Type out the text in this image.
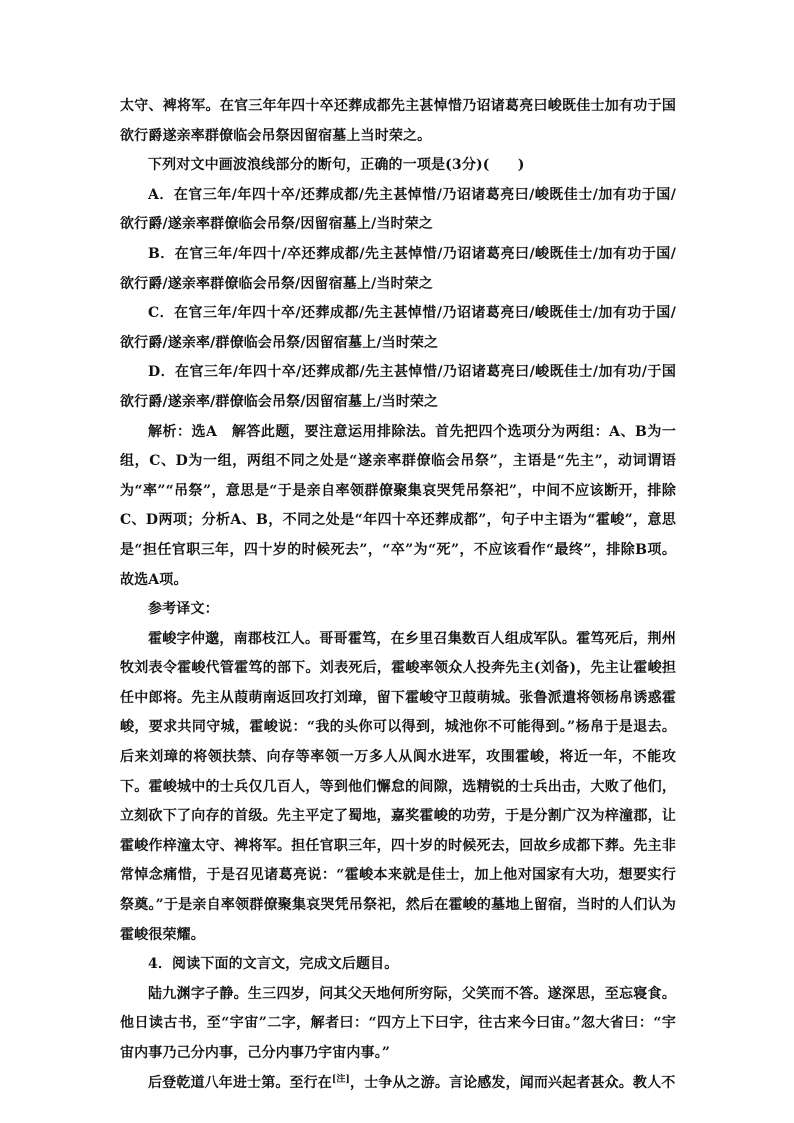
太守、裨将军。在官三年年四十卒还葬成都先主甚悼惜乃诏诸葛亮曰峻既佳士加有功于国欲行爵遂亲率群僚临会吊祭因留宿墓上当时荣之。

下列对文中画波浪线部分的断句，正确的一项是(3分)(　　)

A．在官三年/年四十卒/还葬成都/先主甚悼惜/乃诏诸葛亮曰/峻既佳士/加有功于国/欲行爵/遂亲率群僚临会吊祭/因留宿墓上/当时荣之

B．在官三年/年四十/卒还葬成都/先主甚悼惜/乃诏诸葛亮曰/峻既佳士/加有功于国/欲行爵/遂亲率群僚临会吊祭/因留宿墓上/当时荣之

C．在官三年/年四十卒/还葬成都/先主甚悼惜/乃诏诸葛亮曰/峻既佳士/加有功于国/欲行爵/遂亲率/群僚临会吊祭/因留宿墓上/当时荣之

D．在官三年/年四十卒/还葬成都/先主甚悼惜/乃诏诸葛亮曰/峻既佳士/加有功/于国欲行爵/遂亲率/群僚临会吊祭/因留宿墓上/当时荣之

解析：选A　解答此题，要注意运用排除法。首先把四个选项分为两组：A、B为一组，C、D为一组，两组不同之处是“遂亲率群僚临会吊祭”，主语是“先主”，动词谓语为“率”“吊祭”，意思是“于是亲自率领群僚聚集哀哭凭吊祭祀”，中间不应该断开，排除C、D两项；分析A、B，不同之处是“年四十卒还葬成都”，句子中主语为“霍峻”，意思是“担任官职三年，四十岁的时候死去”，“卒”为“死”，不应该看作“最终”，排除B项。故选A项。

参考译文：

霍峻字仲邈，南郡枝江人。哥哥霍笃，在乡里召集数百人组成军队。霍笃死后，荆州牧刘表令霍峻代管霍笃的部下。刘表死后，霍峻率领众人投奔先主(刘备)，先主让霍峻担任中郎将。先主从葭萌南返回攻打刘璋，留下霍峻守卫葭萌城。张鲁派遣将领杨帛诱惑霍峻，要求共同守城，霍峻说：“我的头你可以得到，城池你不可能得到。”杨帛于是退去。后来刘璋的将领扶禁、向存等率领一万多人从阆水进军，攻围霍峻，将近一年，不能攻下。霍峻城中的士兵仅几百人，等到他们懈怠的间隙，选精锐的士兵出击，大败了他们，立刻砍下了向存的首级。先主平定了蜀地，嘉奖霍峻的功劳，于是分割广汉为梓潼郡，让霍峻作梓潼太守、裨将军。担任官职三年，四十岁的时候死去，回故乡成都下葬。先主非常悼念痛惜，于是召见诸葛亮说：“霍峻本来就是佳士，加上他对国家有大功，想要实行祭奠。”于是亲自率领群僚聚集哀哭凭吊祭祀，然后在霍峻的墓地上留宿，当时的人们认为霍峻很荣耀。

4．阅读下面的文言文，完成文后题目。

陆九渊字子静。生三四岁，问其父天地何所穷际，父笑而不答。遂深思，至忘寝食。他日读古书，至“宇宙”二字，解者曰：“四方上下曰宇，往古来今曰宙。”忽大省曰：“宇宙内事乃己分内事，己分内事乃宇宙内事。”

后登乾道八年进士第。至行在[注]，士争从之游。言论感发，闻而兴起者甚众。教人不
